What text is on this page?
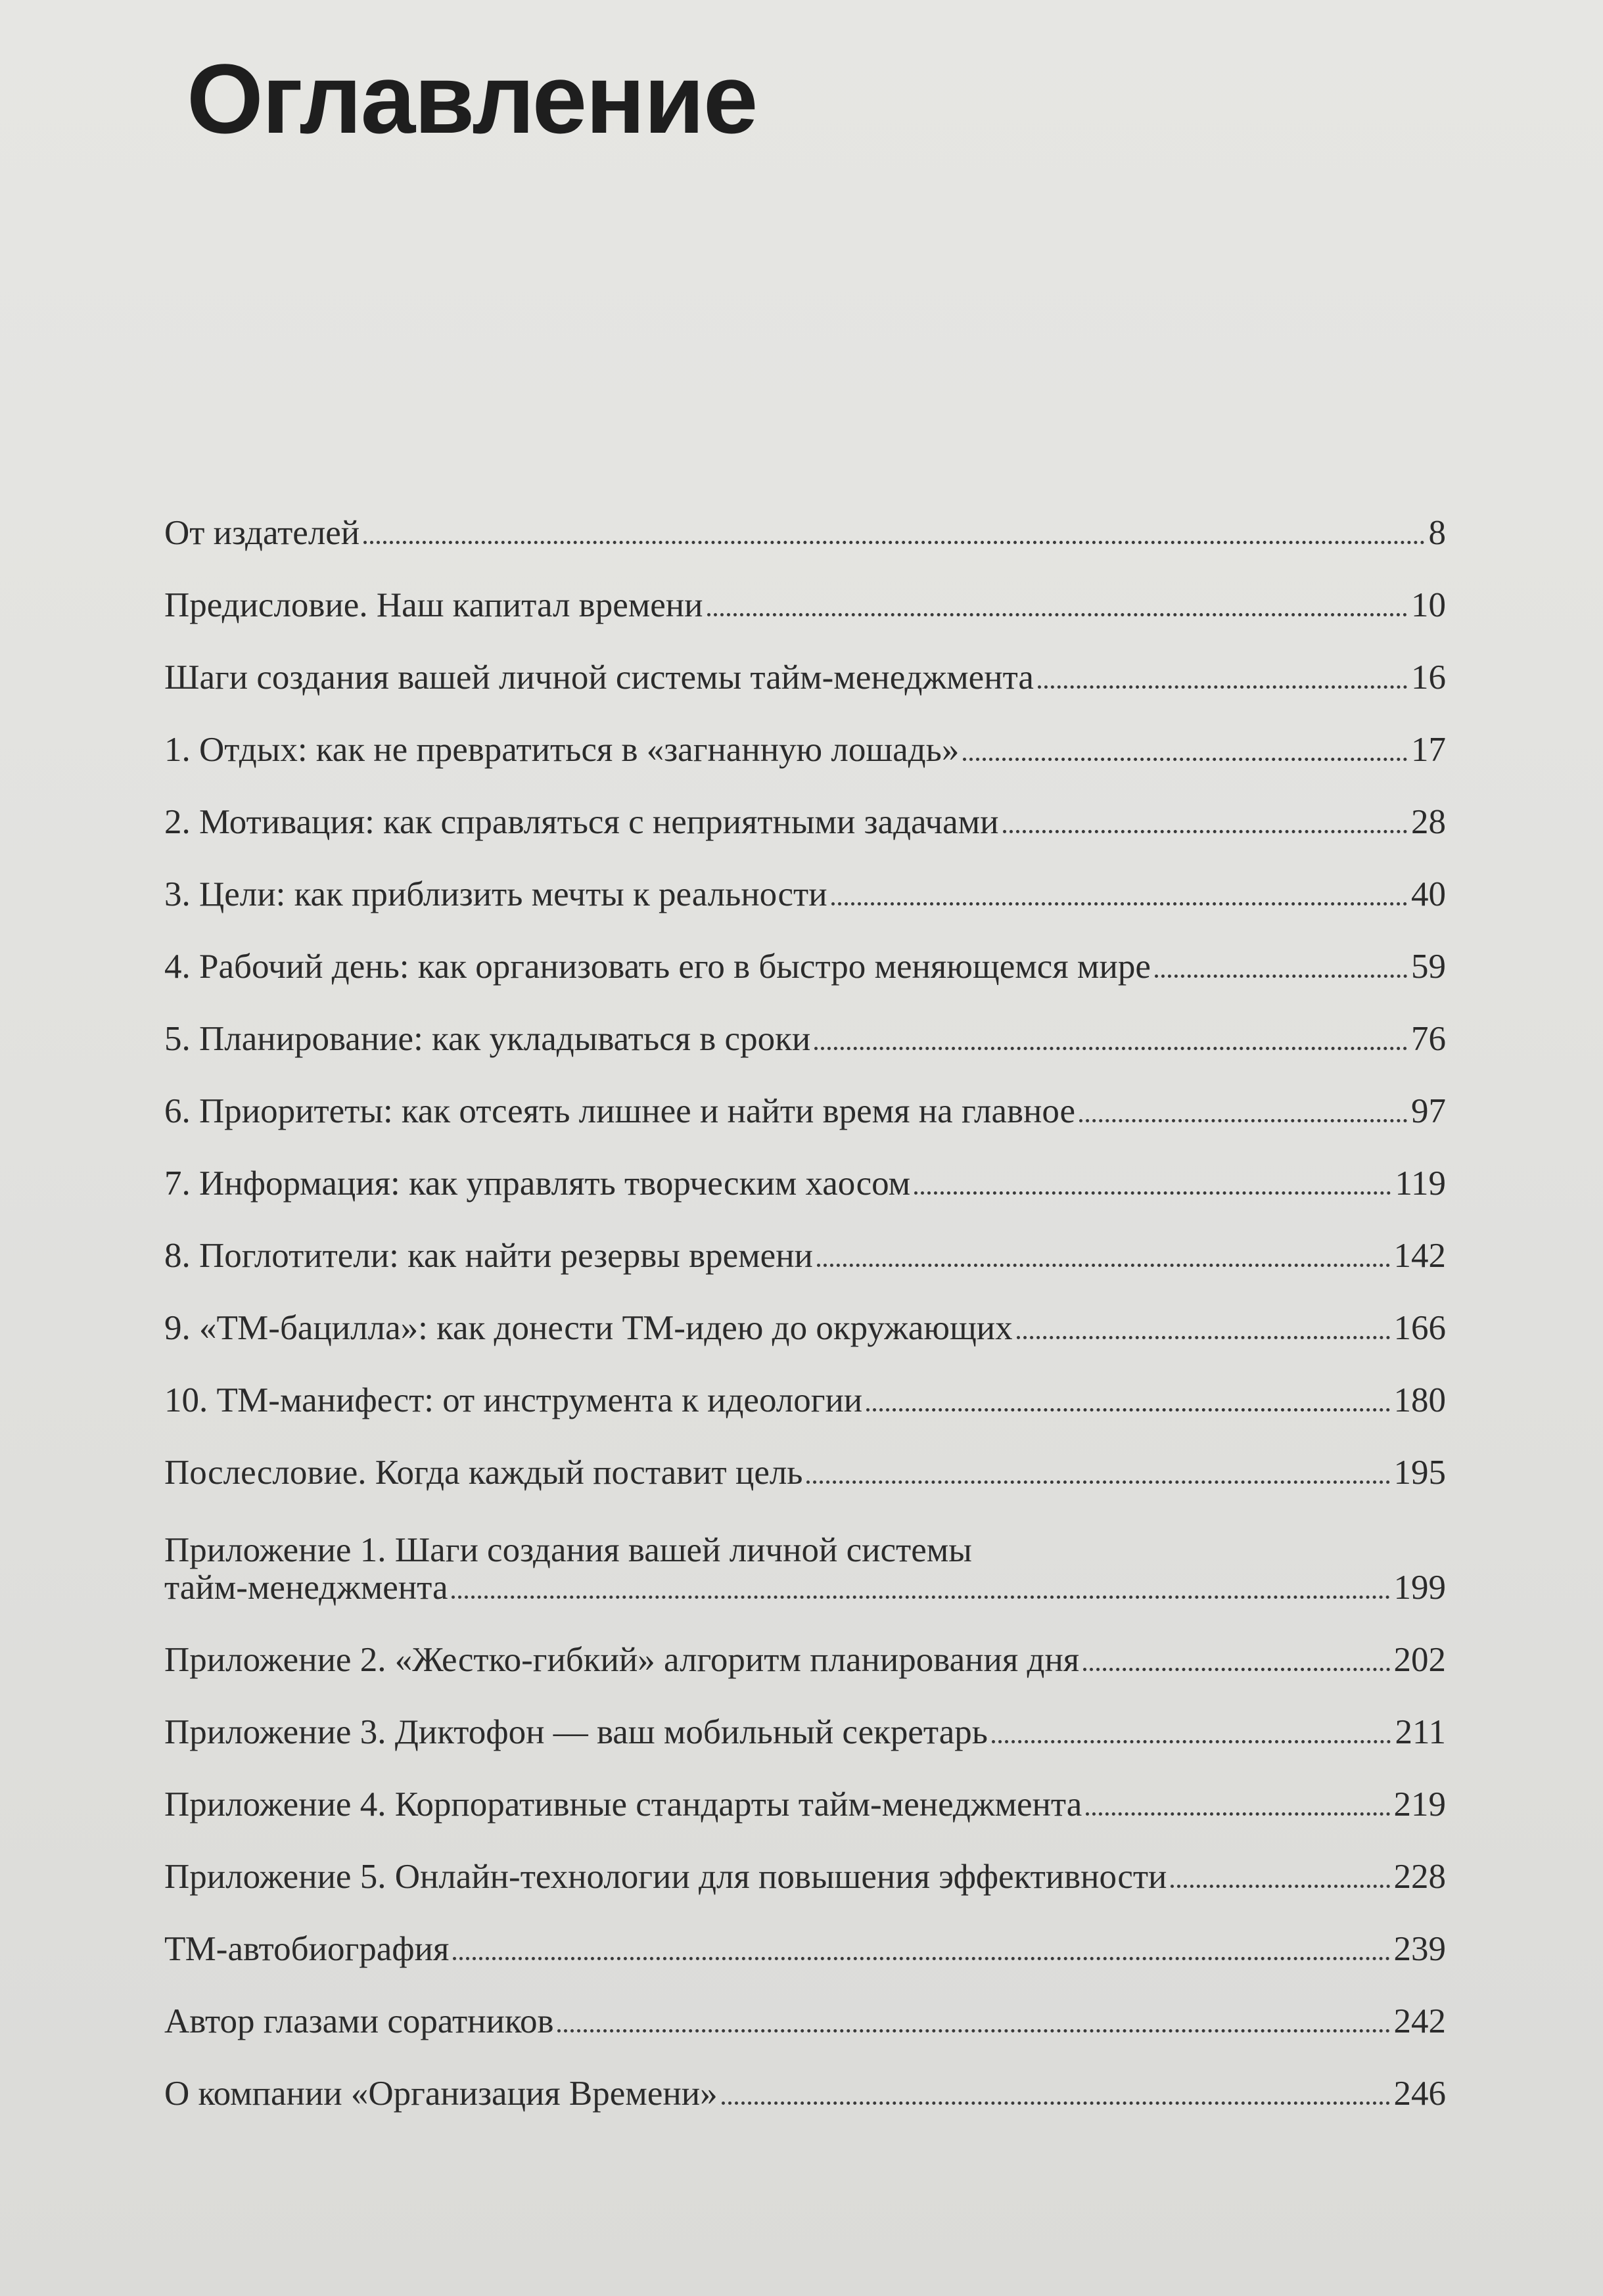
Оглавление
От издателей	8
Предисловие. Наш капитал времени	10
Шаги создания вашей личной системы тайм-менеджмента	16
1. Отдых: как не превратиться в «загнанную лошадь»	17
2. Мотивация: как справляться с неприятными задачами	28
3. Цели: как приблизить мечты к реальности	40
4. Рабочий день: как организовать его в быстро меняющемся мире	59
5. Планирование: как укладываться в сроки	76
6. Приоритеты: как отсеять лишнее и найти время на главное	97
7. Информация: как управлять творческим хаосом	119
8. Поглотители: как найти резервы времени	142
9. «ТМ-бацилла»: как донести ТМ-идею до окружающих	166
10. ТМ-манифест: от инструмента к идеологии	180
Послесловие. Когда каждый поставит цель	195
Приложение 1. Шаги создания вашей личной системы
тайм-менеджмента	199
Приложение 2. «Жестко-гибкий» алгоритм планирования дня	202
Приложение 3. Диктофон — ваш мобильный секретарь	211
Приложение 4. Корпоративные стандарты тайм-менеджмента	219
Приложение 5. Онлайн-технологии для повышения эффективности	228
ТМ-автобиография	239
Автор глазами соратников	242
О компании «Организация Времени»	246
